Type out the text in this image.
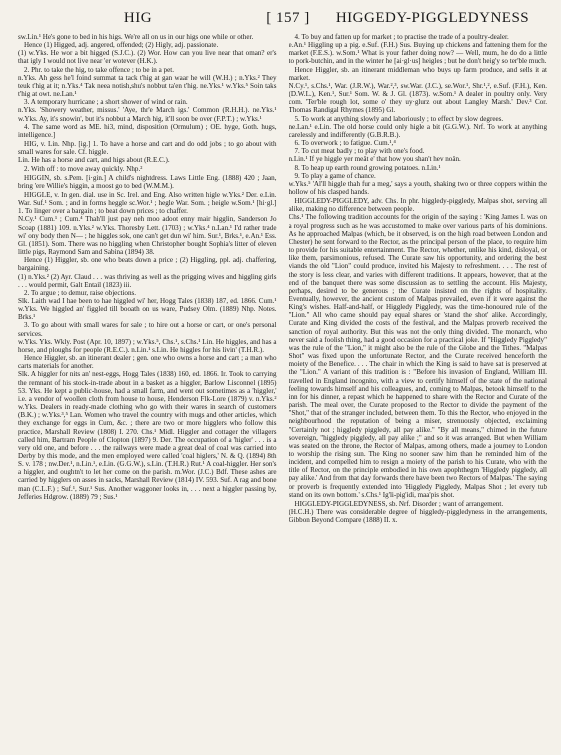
HIG	[ 157 ]	HIGGEDY-PIGGLEDYNESS

sw.Lin.¹ He's gone to bed in his higs. We're all on us in our higs one while or other.

Hence (1) Higged, adj. angered, offended; (2) Higly, adj. passionate.

(1) w.Yks. He wor a bit higged (S.J.C.). (2) Wor. How can you live near that oman? er's that igly I would not live near 'er wotever (H.K.).

2. Phr. to take the hig, to take offence ; to be in a pet.

n.Yks. Ah gess he'l foind summat ta tack t'hig at gan waar he will (W.H.) ; n.Yks.² They teuk t'hig at it; n.Yks.⁴ Tak neea notish,shu's nobbut ta'en t'hig. ne.Yks.¹ w.Yks.⁵ Soin taks t'hig at owt. ne.Lan.¹

3. A temporary hurricane ; a short shower of wind or rain.

n.Yks. 'Showery weather, missus.' 'Aye, thr'e March igs.' Common (R.H.H.). ne.Yks.¹ w.Yks. Ay, it's snowin', but it's nobbut a March hig, it'll soon be over (F.P.T.) ; w.Yks.¹

4. The same word as ME. hi3, mind, disposition (Ormulum) ; OE. hyge, Goth. hugs, intelligence.]

HIG, v. Lin. Nhp. [ig.] 1. To have a horse and cart and do odd jobs ; to go about with small wares for sale. Cf. higgle.

Lin. He has a horse and cart, and higs about (R.E.C.).

2. With off : to move away quickly. Nhp.²

HIGGIN, sb. s.Pem. [i·gin.] A child's nightdress. Laws Little Eng. (1888) 420 ; Jaan, bring 'ere Willie's higgin, a moost go to bed (W.M.M.).

HIGGLE, v. In gen. dial. use in Sc. Irel. and Eng. Also written higle w.Yks.² Der. e.Lin. War. Suf.¹ Som. ; and in forms heggle sc.Wor.¹ ; hegle War. Som. ; heigle w.Som.¹ [hi·gl.] 1. To linger over a bargain ; to beat down prices ; to chaffer.

N.Cy.¹ Cum.¹ ; Cum.⁴ Thah'll just pay neh moo adoot enny mair higglin, Sanderson Jo Scoap (1881) 109. n.Yks.² w.Yks. Thoresby Lett. (1703) ; w.Yks.⁴ n.Lan.¹ I'd rather trade wi' ony body then N— ; he higgles sok, one can't get dun wi' him. Sur.¹, Brks.¹, e.An.¹ Ess. Gl. (1851). Som. There was no higgling when Christopher bought Sophia's litter of eleven little pigs, Raymond Sam and Sabina (1894) 38.

Hence (1) Higgler, sb. one who beats down a price ; (2) Higgling, ppl. adj. chaffering, bargaining.

(1) n.Yks.² (2) Ayr. Claud . . . was thriving as well as the prigging wives and higgling girls . . . would permit, Galt Entail (1823) iii.

2. To argue ; to demur, raise objections.

Slk. Laith wad I hae been to hae higgled wi' her, Hogg Tales (1838) 187, ed. 1866. Cum.¹ w.Yks. We higgled an' figgled till booath on us ware, Pudsey Olm. (1889) Nhp. Notes. Brks.¹

3. To go about with small wares for sale ; to hire out a horse or cart, or one's personal services.

w.Yks. Yks. Wkly. Post (Apr. 10, 1897) ; w.Yks.⁵, Chs.¹, s.Chs.¹ Lin. He higgles, and has a horse, and ploughs for people (R.E.C.). n.Lin.¹ s.Lin. He higgles for his livin' (T.H.R.).

Hence Higgler, sb. an itinerant dealer ; gen. one who owns a horse and cart ; a man who carts materials for another.

Slk. A higgler for nits an' nest-eggs, Hogg Tales (1838) 160, ed. 1866. Ir. Took to carrying the remnant of his stock-in-trade about in a basket as a higgler, Barlow Lisconnel (1895) 53. Yks. He kept a public-house, had a small farm, and went out sometimes as a 'higgler,' i.e. a vendor of woollen cloth from house to house, Henderson Flk-Lore (1879) v. n.Yks.² w.Yks. Dealers in ready-made clothing who go with their wares in search of customers (B.K.) ; w.Yks.³,⁵ Lan. Women who travel the country with mugs and other articles, which they exchange for eggs in Cum, &c. ; there are two or more higglers who follow this practice, Marshall Review (1808) I. 270. Chs.¹ Midl. Higgler and cottager the villagers called him, Bartram People of Clopton (1897) 9. Der. The occupation of a 'higler' . . . is a very old one, and before . . . the railways were made a great deal of coal was carried into Derby by this mode, and the men employed were called 'coal higlers,' N. & Q. (1894) 8th S. v. 178 ; nw.Der.¹, n.Lin.¹, e.Lin. (G.G.W.), s.Lin. (T.H.R.) Rut.¹ A coal-higgler. Her son's a higgler, and oughtn't to let her come on the parish. m.Wor. (J.C.) Bdf. These ashes are carried by higglers on asses in sacks, Marshall Review (1814) IV. 593. Suf. A rag and bone man (C.L.F.) ; Suf.¹, Sur.¹ Sus. Another waggoner looks in, . . . next a higgler passing by, Jefferies Hdgrow. (1889) 79 ; Sus.¹

4. To buy and fatten up for market ; to practise the trade of a poultry-dealer.

e.An.¹ Higgling up a pig. e.Suf. (F.H.) Sus. Buying up chickens and fattening them for the market (F.E.S.). w.Som.¹ What is your father doing now? — Well, mum, he do do a little to pork-butchin, and in the winter he [ai·gl·us] heigles ; but he don't heig'y so ter'ble much.

Hence Higgler, sb. an itinerant middleman who buys up farm produce, and sells it at market.

N.Cy.¹, s.Chs.¹, War. (J.R.W.), War.²,³, sw.War. (J.C.), se.Wor.¹, Shr.¹,², e.Suf. (F.H.), Ken. (D.W.L.), Ken.¹, Sur.¹ Som. W. & J. Gl. (1873). w.Som.¹ A dealer in poultry only. Very com. 'Ter'ble rough lot, some o' they uy·glurz out about Langley Marsh.' Dev.³ Cor. Thomas Randigal Rhymes (1895) Gl.

5. To work at anything slowly and laboriously ; to effect by slow degrees.

ne.Lan.¹ e.Lin. The old horse could only higle a bit (G.G.W.). Nrf. To work at anything carelessly and indifferently (G.B.R.B.).

6. To overwork ; to fatigue. Cum.¹,⁴

7. To cut meat badly ; to play with one's food.

n.Lin.¹ If ye higgle yer meät e' that how you shan't hev noän.

8. To heap up earth round growing potatoes. n.Lin.¹

9. To play a game of chance.

w.Yks.⁵ 'Al'll higgle thah fur a meg,' says a youth, shaking two or three coppers within the hollow of his clasped hands.

HIGGLEDY-PIGGLEDY, adv. Chs. In phr. higgledy-piggledy, Malpas shot, serving all alike, making no difference between people.

Chs.¹ The following tradition accounts for the origin of the saying : 'King James I. was on a royal progress such as he was accustomed to make over various parts of his dominions. As he approached Malpas (which, be it observed, is on the high road between London and Chester) he sent forward to the Rector, as the principal person of the place, to require him to provide for his suitable entertainment. The Rector, whether, unlike his kind, disloyal, or like them, parsimonious, refused. The Curate saw his opportunity, and ordering the best viands the old "Lion" could produce, invited his Majesty to refreshment. . . . The rest of the story is less clear, and varies with different traditions. It appears, however, that at the end of the banquet there was some discussion as to settling the account. His Majesty, perhaps, desired to be generous ; the Curate insisted on the rights of hospitality. Eventually, however, the ancient custom of Malpas prevailed, even if it were against the King's wishes. Half-and-half, or Higgledy Piggledy, was the time-honoured rule of the "Lion." All who came should pay equal shares or 'stand the shot' alike. Accordingly, Curate and King divided the costs of the festival, and the Malpas proverb received the sanction of royal authority. But this was not the only thing divided. The monarch, who never said a foolish thing, had a good occasion for a practical joke. If "Higgledy Piggledy" was the rule of the "Lion," it might also be the rule of the Globe and the Tithes. "Malpas Shot" was fixed upon the unfortunate Rector, and the Curate received henceforth the moiety of the Benefice. . . . The chair in which the King is said to have sat is preserved at the "Lion." A variant of this tradition is : "Before his invasion of England, William III. travelled in England incognito, with a view to certify himself of the state of the national feeling towards himself and his colleagues, and, coming to Malpas, betook himself to the inn for his dinner, a repast which he happened to share with the Rector and Curate of the parish. The meal over, the Curate proposed to the Rector to divide the payment of the "Shot," that of the stranger included, between them. To this the Rector, who enjoyed in the neighbourhood the reputation of being a miser, strenuously objected, exclaiming "Certainly not ; higgledy piggledy, all pay alike." "By all means," chimed in the future sovereign, "higgledy piggledy, all pay alike ;" and so it was arranged. But when William was seated on the throne, the Rector of Malpas, among others, made a journey to London to worship the rising sun. The King no sooner saw him than he reminded him of the incident, and compelled him to resign a moiety of the parish to his Curate, who with the title of Rector, on the principle embodied in his own apophthegm 'Higgledy piggledy, all pay alike.' And from that day forwards there have been two Rectors of Malpas.' The saying or proverb is frequently extended into 'Higgledy Piggledy, Malpas Shot ; let every tub stand on its own bottom.' s.Chs.¹ Ig'li-pig'idi, maa'pis shot.

HIGGLEDY-PIGGLEDYNESS, sb. Nrf. Disorder ; want of arrangement.

(H.C.H.) There was considerable degree of higgledy-piggledyness in the arrangements, Gibbon Beyond Compare (1888) II. x.
